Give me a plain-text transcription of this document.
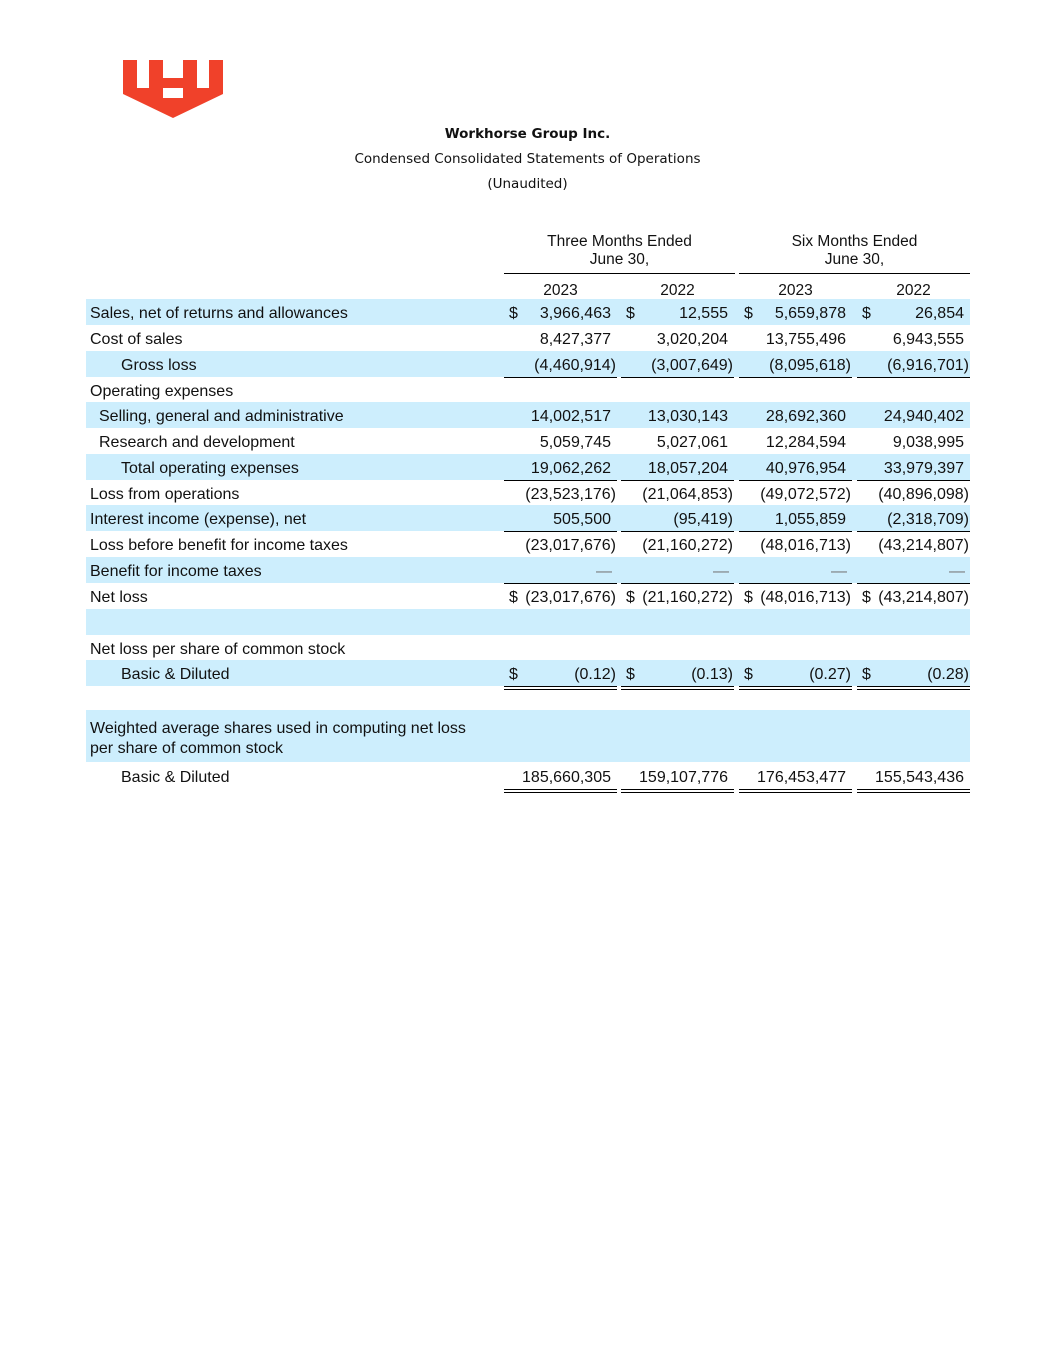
Workhorse Group Inc.
Condensed Consolidated Statements of Operations
(Unaudited)
Three Months Ended
June 30,
Six Months Ended
June 30,
2023	2022	2023	2022
Sales, net of returns and allowances	$ 3,966,463 $	12,555 $ 5,659,878 $	26,854
Cost of sales	8,427,377	3,020,204 13,755,496	6,943,555
Gross loss	(4,460,914) (3,007,649) (8,095,618) (6,916,701)
Operating expenses
Selling, general and administrative	14,002,517 13,030,143 28,692,360 24,940,402
Research and development	5,059,745	5,027,061 12,284,594	9,038,995
Total operating expenses	19,062,262 18,057,204 40,976,954 33,979,397
Loss from operations	(23,523,176) (21,064,853) (49,072,572) (40,896,098)
Interest income (expense), net	505,500	(95,419)	1,055,859	(2,318,709)
Loss before benefit for income taxes	(23,017,676) (21,160,272) (48,016,713) (43,214,807)
Benefit for income taxes	—	—	—	—
Net loss	$ (23,017,676) $ (21,160,272) $ (48,016,713) $ (43,214,807)
Net loss per share of common stock
Basic & Diluted	$	(0.12) $	(0.13) $	(0.27) $	(0.28)
Weighted average shares used in computing net loss per share of common stock
Basic & Diluted	185,660,305 159,107,776 176,453,477 155,543,436
